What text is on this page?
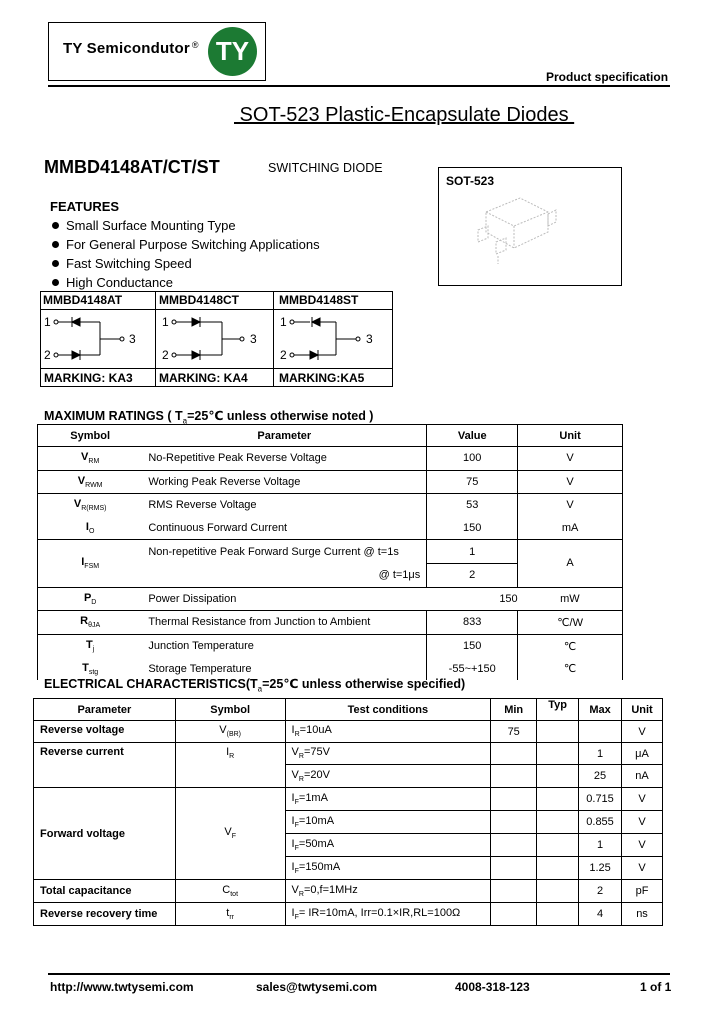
TY Semicondutor ® TY
Product specification
SOT-523 Plastic-Encapsulate Diodes
MMBD4148AT/CT/ST	SWITCHING DIODE
SOT-523
FEATURES
Small Surface Mounting Type
For General Purpose Switching Applications
Fast Switching Speed
High Conductance
MMBD4148AT	MMBD4148CT	MMBD4148ST
MARKING: KA3 MARKING: KA4	MARKING:KA5
1
2
3
1
2
3
1
2
3
MAXIMUM RATINGS ( $T_a=25℃$ unless otherwise noted )
Symbol	Parameter	Value	Unit
$V_{RM}$	No-Repetitive Peak Reverse Voltage	100	V
$V_{RWM}$	Working Peak Reverse Voltage	75	V
$V_{R(RMS)}$	RMS Reverse Voltage	53	V
$I_O$	Continuous Forward Current	150	mA
$I_{FSM}$	Non-repetitive Peak Forward Surge Current @ t=1s	1	A
	@ t=1μs	2	
$P_D$	Power Dissipation	150	mW
$R_{\theta JA}$	Thermal Resistance from Junction to Ambient	833	℃/W
$T_j$	Junction Temperature	150	℃
$T_{stg}$	Storage Temperature	-55~+150	℃
ELECTRICAL $CHARACTERISTICS(T_a=25℃$ unless otherwise specified)
Parameter	Symbol	Test conditions	Min	Typ	Max	Unit
Reverse voltage	$V_{(BR)}$	$I_R=10uA$	75			V
Reverse current	$I_R$	$V_R=75V$			1	μA
		$V_R=20V$			25	nA
Forward voltage	$V_F$	$I_F=1mA$			0.715	V
		$I_F=10mA$			0.855	V
		$I_F=50mA$			1	V
		$I_F=150mA$			1.25	V
Total capacitance	$C_{tot}$	$V_R=0,f=1MHz$			2	pF
Reverse recovery time	$t_{rr}$	$I_F= IR=10mA$, Irr=0.1×IR,RL=100Ω			4	ns
http://www.twtysemi.com	sales@twtysemi.com	4008-318-123	1 of 1
